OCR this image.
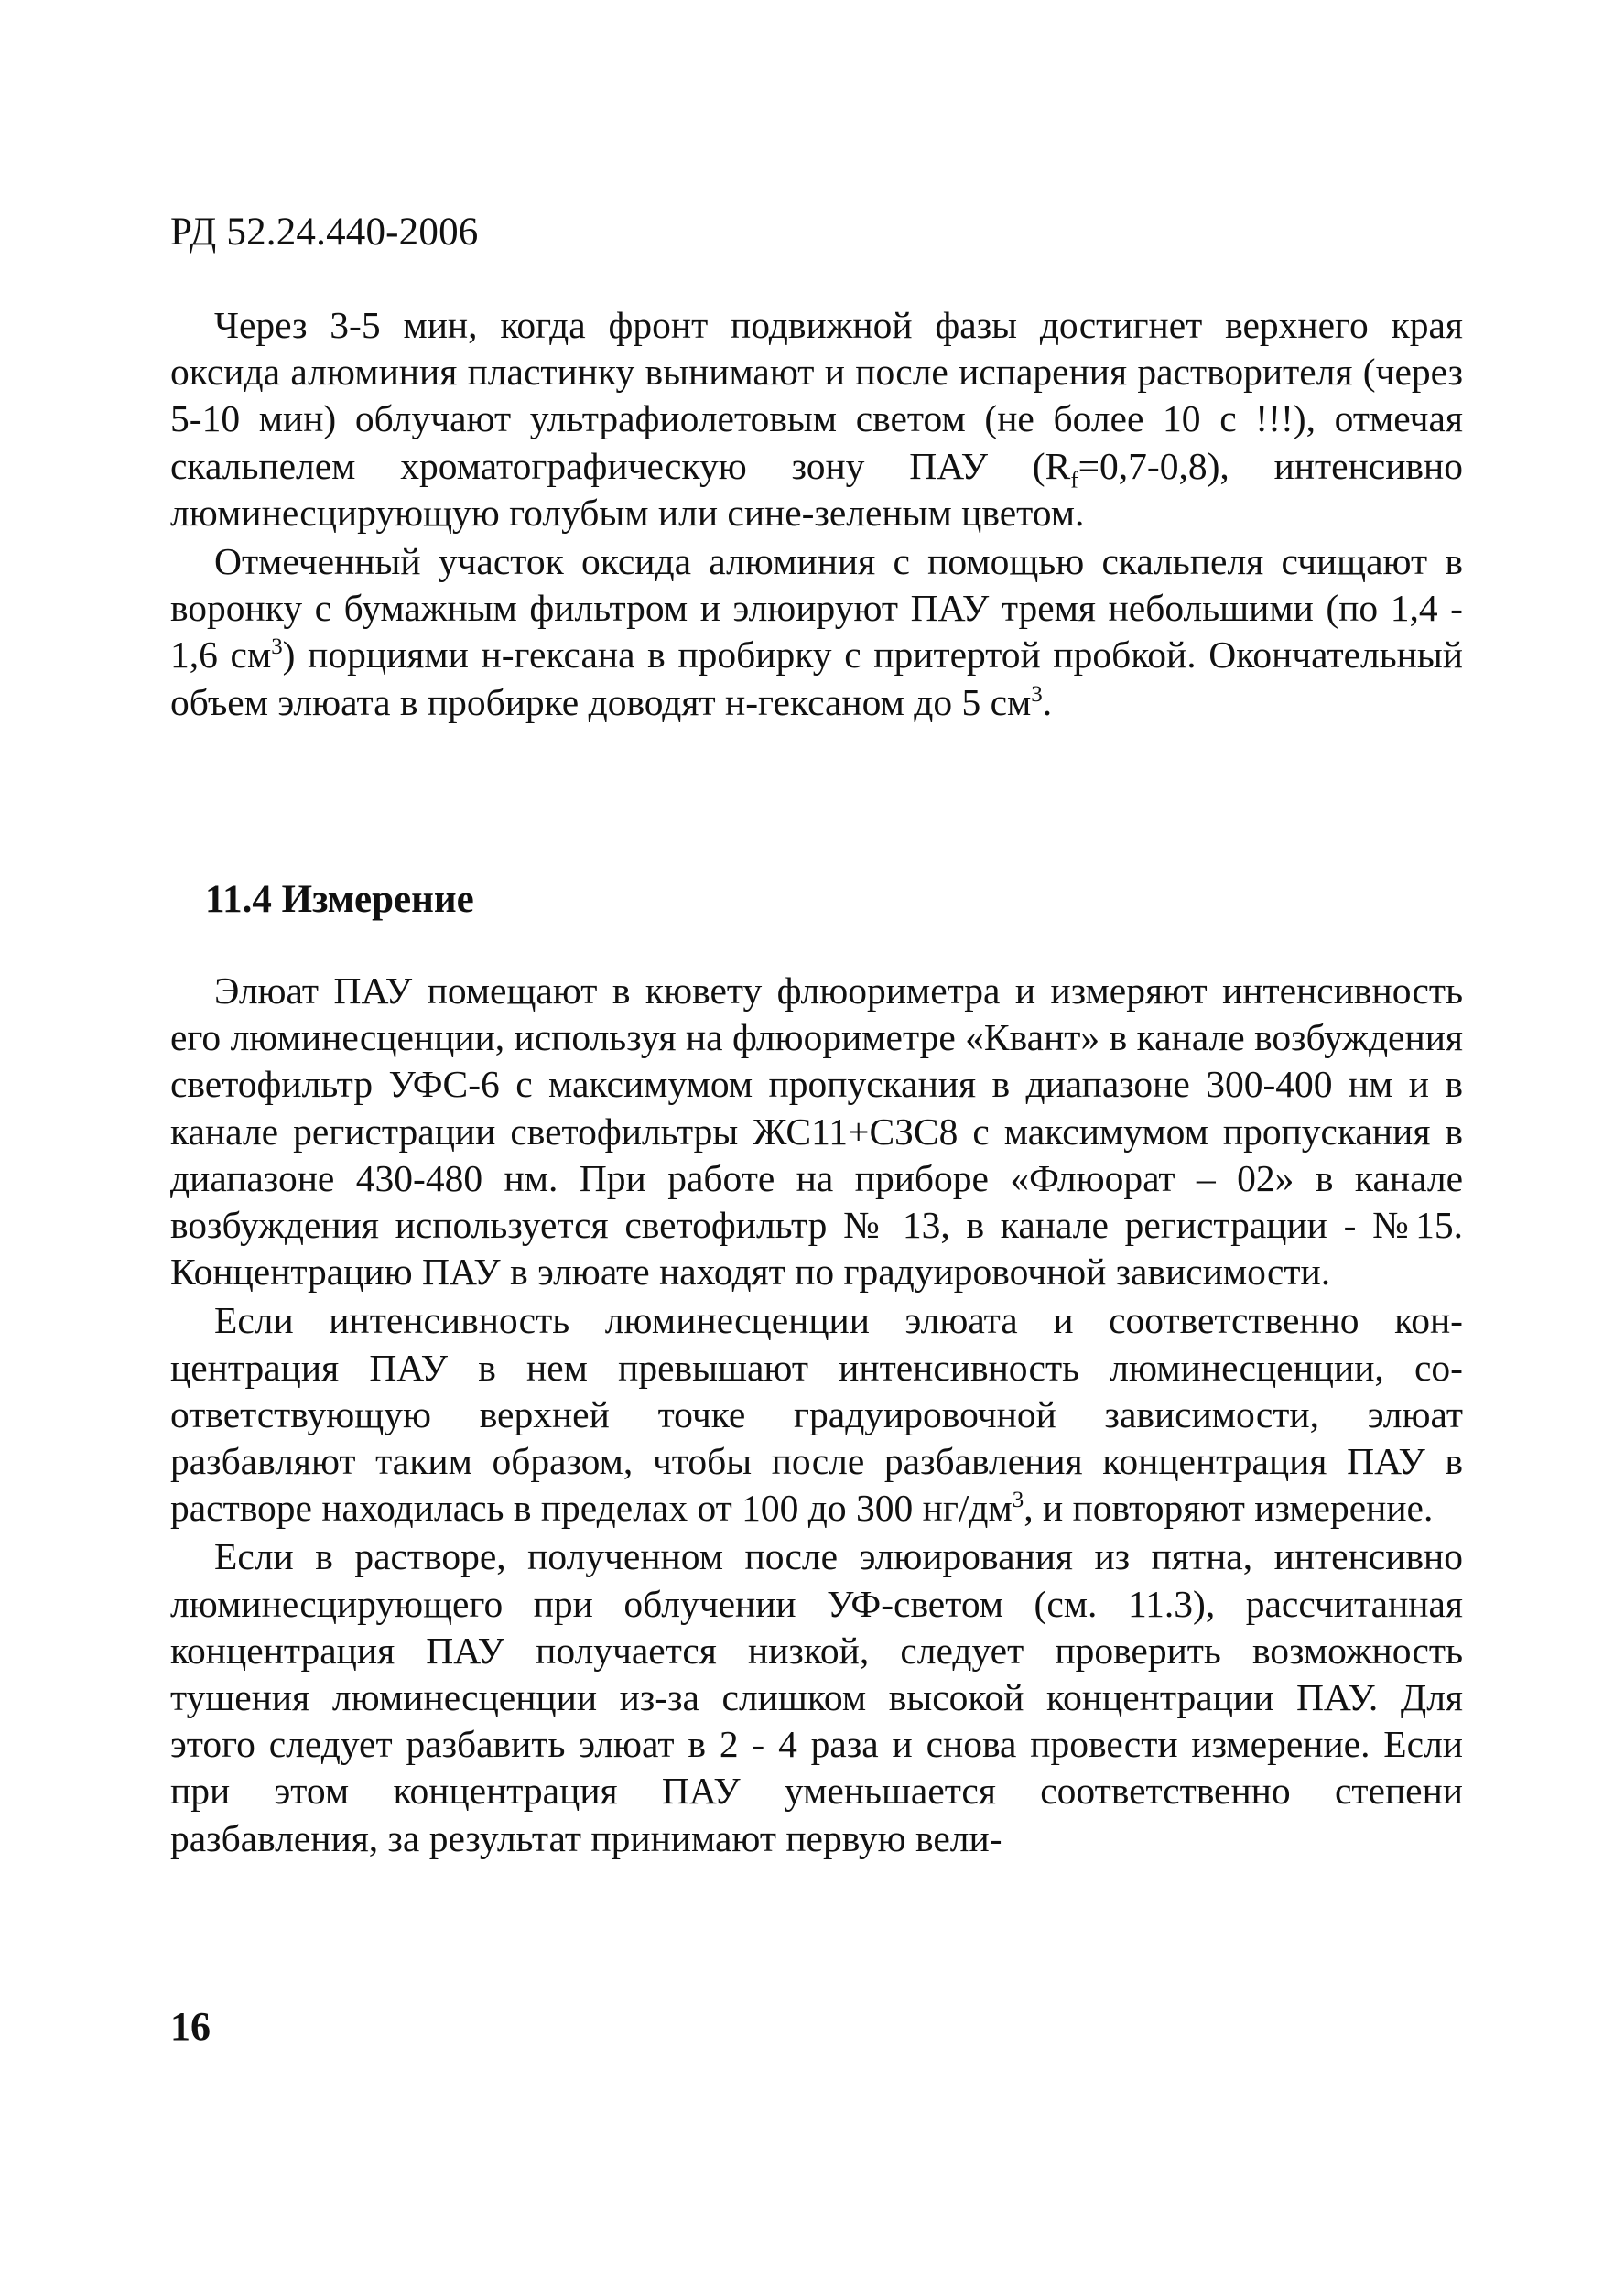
РД 52.24.440-2006

Через 3-5 мин, когда фронт подвижной фазы достигнет верхнего края оксида алюминия пластинку вынимают и после испарения растворителя (через 5-10 мин) облучают ультрафиолетовым светом (не более 10 с !!!), отмечая скальпелем хроматографическую зону ПАУ $(R_f=0,7-0,8)$, интенсивно люминесцирующую голубым или сине-зеленым цветом.

Отмеченный участок оксида алюминия с помощью скальпеля счищают в воронку с бумажным фильтром и элюируют ПАУ тремя небольшими (по 1,4 - 1,6 $см^3$) порциями н-гексана в пробирку с притертой пробкой. Окончательный объем элюата в пробирке доводят н-гексаном до 5 $см^3$.

11.4 Измерение

Элюат ПАУ помещают в кювету флюориметра и измеряют интенсивность его люминесценции, используя на флюориметре «Квант» в канале возбуждения светофильтр УФС-6 с максимумом пропускания в диапазоне 300-400 нм и в канале регистрации светофильтры ЖС11+СЗС8 с максимумом пропускания в диапазоне 430-480 нм. При работе на приборе «Флюорат – 02» в канале возбуждения используется светофильтр № 13, в канале регистрации - №15. Концентрацию ПАУ в элюате находят по градуировочной зависимости.

Если интенсивность люминесценции элюата и соответственно концентрация ПАУ в нем превышают интенсивность люминесценции, соответствующую верхней точке градуировочной зависимости, элюат разбавляют таким образом, чтобы после разбавления концентрация ПАУ в растворе находилась в пределах от 100 до 300 $нг/дм^3$, и повторяют измерение.

Если в растворе, полученном после элюирования из пятна, интенсивно люминесцирующего при облучении УФ-светом (см. 11.3), рассчитанная концентрация ПАУ получается низкой, следует проверить возможность тушения люминесценции из-за слишком высокой концентрации ПАУ. Для этого следует разбавить элюат в 2 - 4 раза и снова провести измерение. Если при этом концентрация ПАУ уменьшается соответственно степени разбавления, за результат принимают первую вели-

16
